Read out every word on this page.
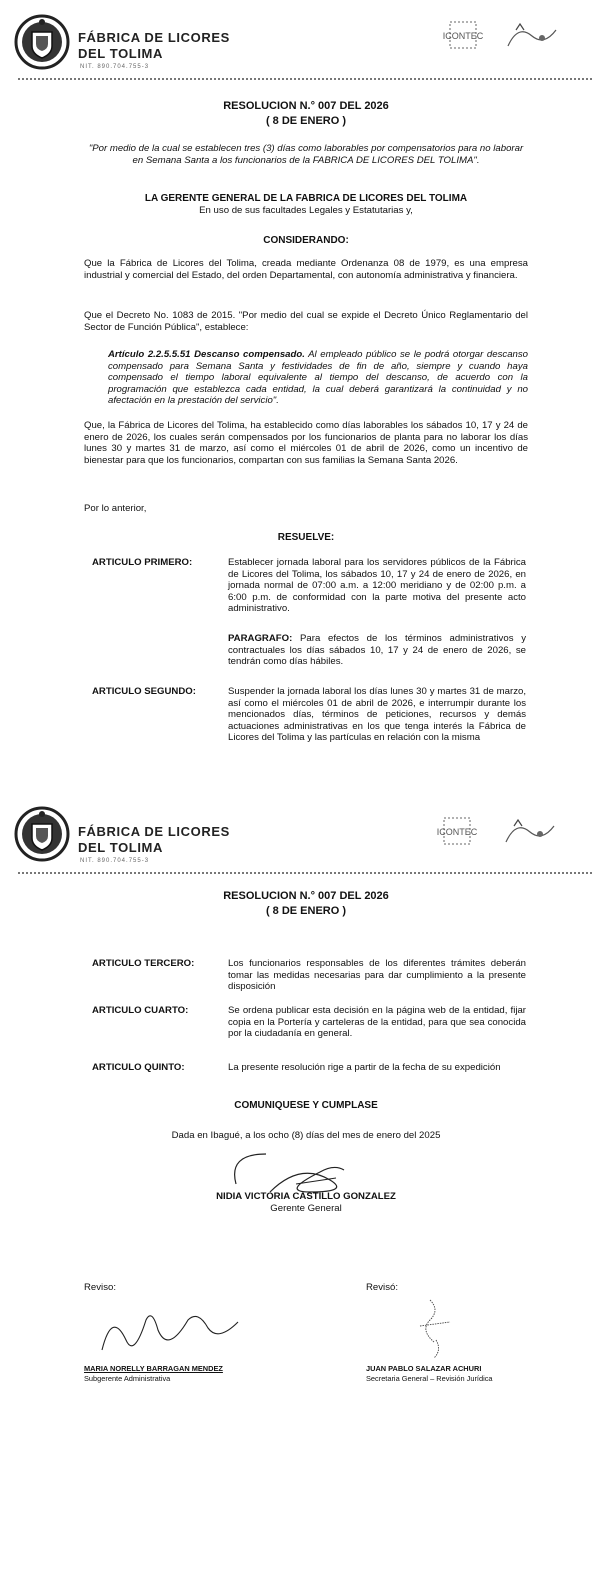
FÁBRICA DE LICORES
DEL TOLIMA
NIT. 890.704.755-3
ICONTEC
RESOLUCION N.° 007 DEL 2026
( 8 DE ENERO )
"Por medio de la cual se establecen tres (3) días como laborables por compensatorios para no laborar en Semana Santa a los funcionarios de la FABRICA DE LICORES DEL TOLIMA".
LA GERENTE GENERAL DE LA FABRICA DE LICORES DEL TOLIMA
En uso de sus facultades Legales y Estatutarias y,
CONSIDERANDO:
Que la Fábrica de Licores del Tolima, creada mediante Ordenanza 08 de 1979, es una empresa industrial y comercial del Estado, del orden Departamental, con autonomía administrativa y financiera.
Que el Decreto No. 1083 de 2015. "Por medio del cual se expide el Decreto Único Reglamentario del Sector de Función Pública", establece:
Artículo 2.2.5.5.51 Descanso compensado. Al empleado público se le podrá otorgar descanso compensado para Semana Santa y festividades de fin de año, siempre y cuando haya compensado el tiempo laboral equivalente al tiempo del descanso, de acuerdo con la programación que establezca cada entidad, la cual deberá garantizará la continuidad y no afectación en la prestación del servicio".
Que, la Fábrica de Licores del Tolima, ha establecido como días laborables los sábados 10, 17 y 24 de enero de 2026, los cuales serán compensados por los funcionarios de planta para no laborar los días lunes 30 y martes 31 de marzo, así como el miércoles 01 de abril de 2026, como un incentivo de bienestar para que los funcionarios, compartan con sus familias la Semana Santa 2026.
Por lo anterior,
RESUELVE:
ARTICULO PRIMERO:	Establecer jornada laboral para los servidores públicos de la Fábrica de Licores del Tolima, los sábados 10, 17 y 24 de enero de 2026, en jornada normal de 07:00 a.m. a 12:00 meridiano y de 02:00 p.m. a 6:00 p.m. de conformidad con la parte motiva del presente acto administrativo.
PARAGRAFO: Para efectos de los términos administrativos y contractuales los días sábados 10, 17 y 24 de enero de 2026, se tendrán como días hábiles.
ARTICULO SEGUNDO:	Suspender la jornada laboral los días lunes 30 y martes 31 de marzo, así como el miércoles 01 de abril de 2026, e interrumpir durante los mencionados días, términos de peticiones, recursos y demás actuaciones administrativas en los que tenga interés la Fábrica de Licores del Tolima y las partículas en relación con la misma
FÁBRICA DE LICORES
DEL TOLIMA
NIT. 890.704.755-3
ICONTEC
RESOLUCION N.° 007 DEL 2026
( 8 DE ENERO )
ARTICULO TERCERO:	Los funcionarios responsables de los diferentes trámites deberán tomar las medidas necesarias para dar cumplimiento a la presente disposición
ARTICULO CUARTO:	Se ordena publicar esta decisión en la página web de la entidad, fijar copia en la Portería y carteleras de la entidad, para que sea conocida por la ciudadanía en general.
ARTICULO QUINTO:	La presente resolución rige a partir de la fecha de su expedición
COMUNIQUESE Y CUMPLASE
Dada en Ibagué, a los ocho (8) días del mes de enero del 2025
NIDIA VICTORIA CASTILLO GONZALEZ
Gerente General
Reviso:
MARIA NORELLY BARRAGAN MENDEZ
Subgerente Administrativa
Revisó:
JUAN PABLO SALAZAR ACHURI
Secretaria General – Revisión Jurídica
